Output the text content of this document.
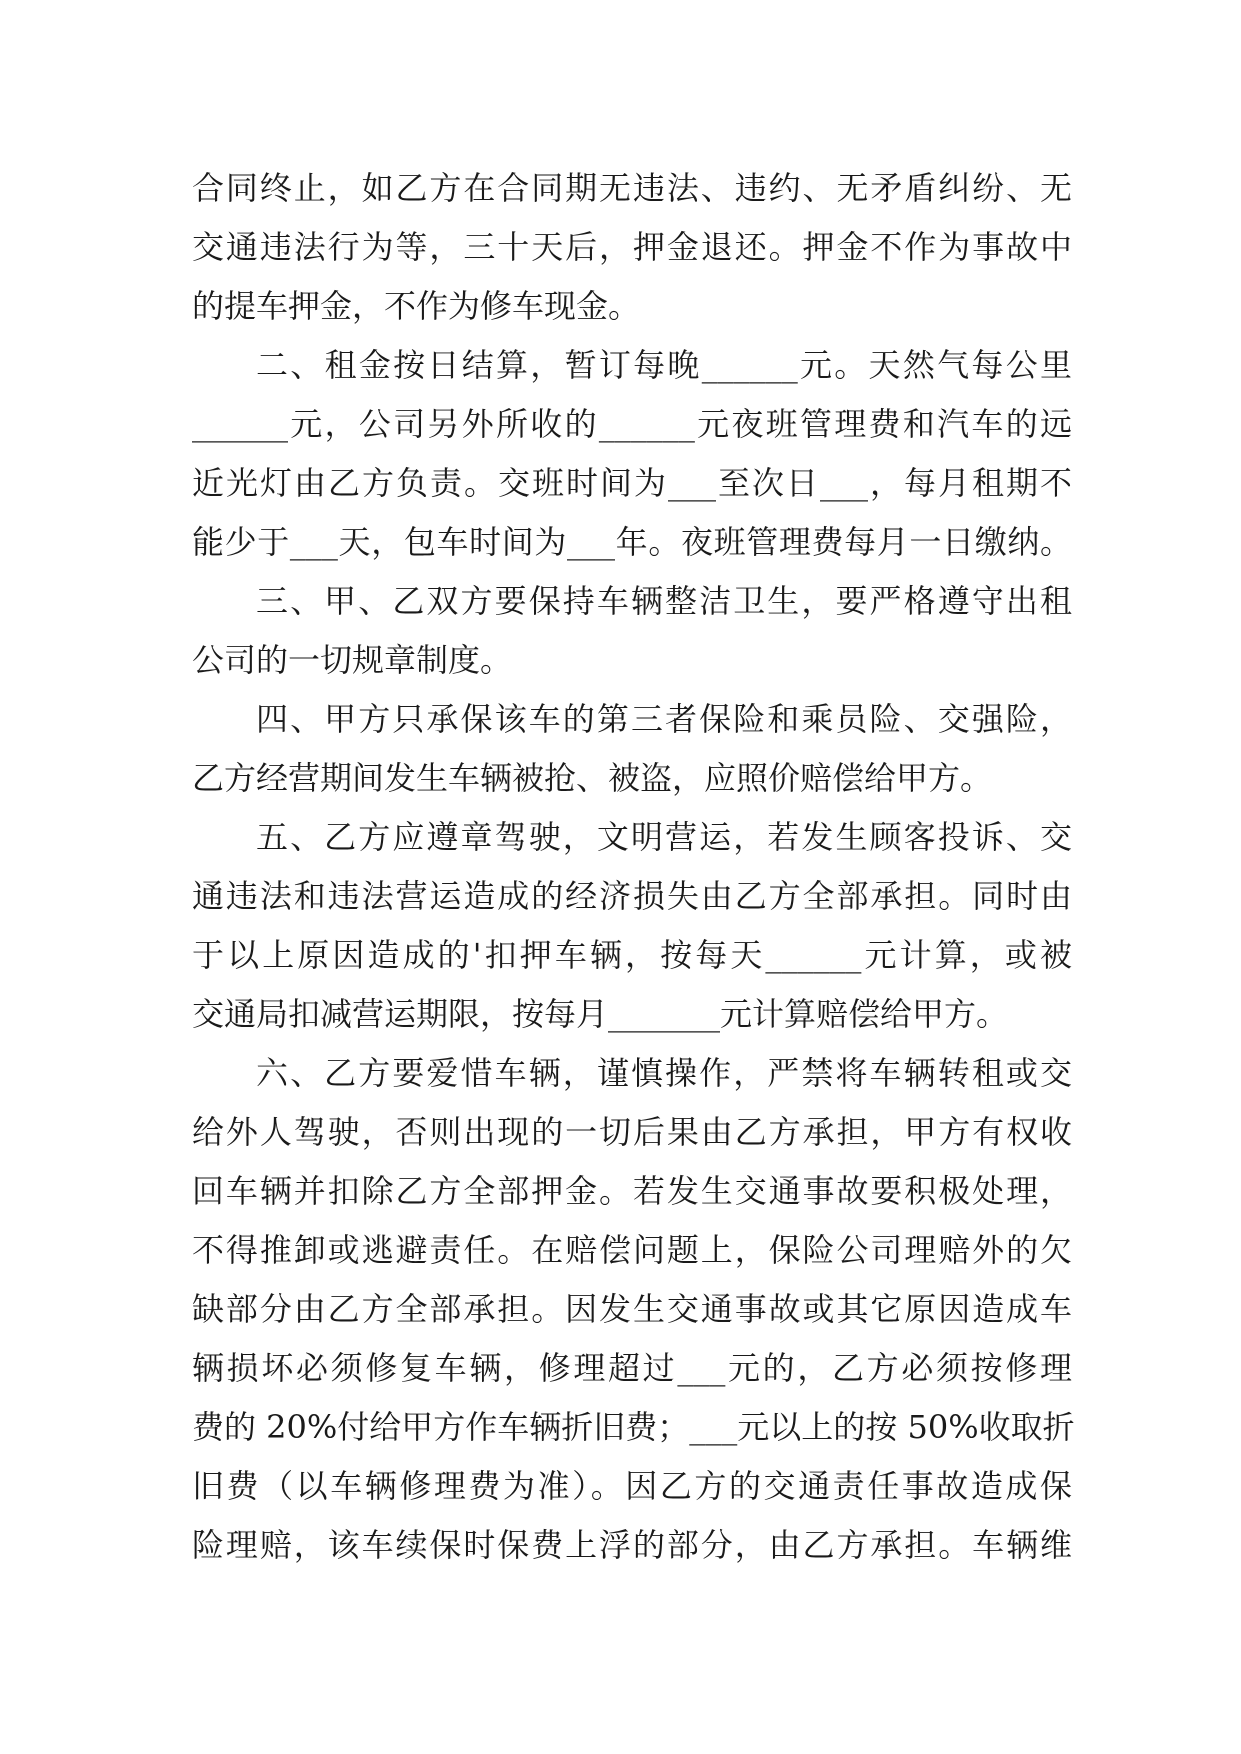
合同终止，如乙方在合同期无违法、违约、无矛盾纠纷、无
交通违法行为等，三十天后，押金退还。押金不作为事故中
的提车押金，不作为修车现金。
二、租金按日结算，暂订每晚______元。天然气每公里
______元，公司另外所收的______元夜班管理费和汽车的远
近光灯由乙方负责。交班时间为___至次日___，每月租期不
能少于___天，包车时间为___年。夜班管理费每月一日缴纳。
三、甲、乙双方要保持车辆整洁卫生，要严格遵守出租
公司的一切规章制度。
四、甲方只承保该车的第三者保险和乘员险、交强险，
乙方经营期间发生车辆被抢、被盗，应照价赔偿给甲方。
五、乙方应遵章驾驶，文明营运，若发生顾客投诉、交
通违法和违法营运造成的经济损失由乙方全部承担。同时由
于以上原因造成的'扣押车辆，按每天______元计算，或被
交通局扣减营运期限，按每月_______元计算赔偿给甲方。
六、乙方要爱惜车辆，谨慎操作，严禁将车辆转租或交
给外人驾驶，否则出现的一切后果由乙方承担，甲方有权收
回车辆并扣除乙方全部押金。若发生交通事故要积极处理，
不得推卸或逃避责任。在赔偿问题上，保险公司理赔外的欠
缺部分由乙方全部承担。因发生交通事故或其它原因造成车
辆损坏必须修复车辆，修理超过___元的，乙方必须按修理
费的 20%付给甲方作车辆折旧费；___元以上的按 50%收取折
旧费（以车辆修理费为准）。因乙方的交通责任事故造成保
险理赔，该车续保时保费上浮的部分，由乙方承担。车辆维
